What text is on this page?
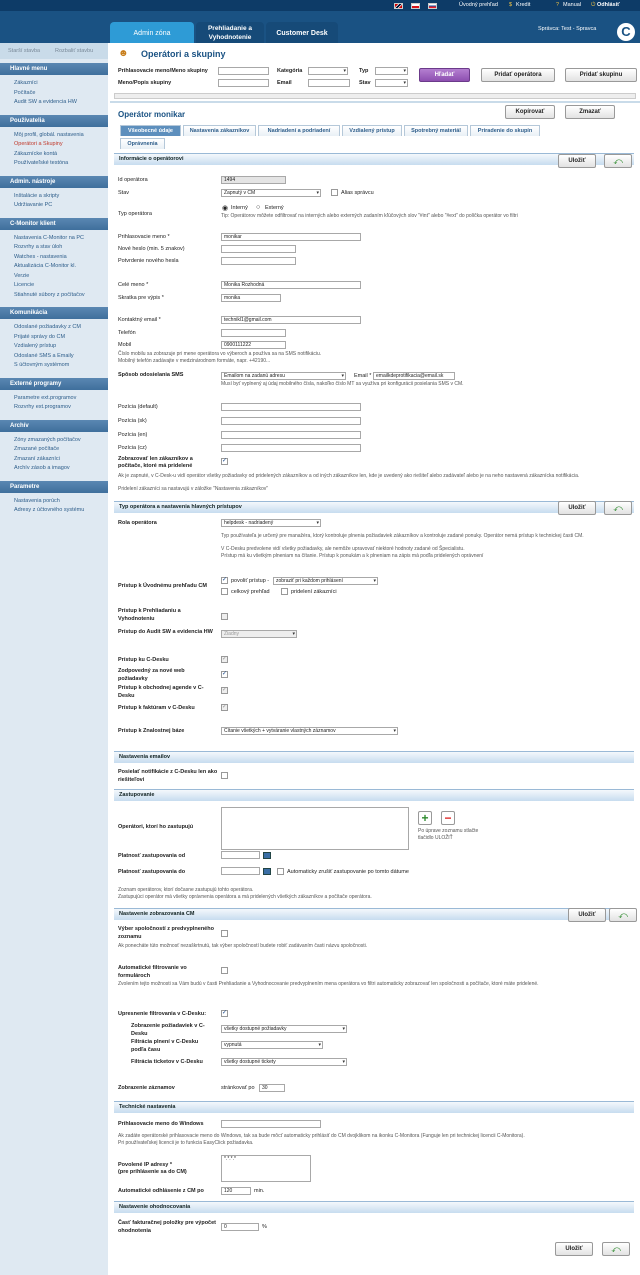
Úvodný prehľad $ Kredit	? Manual ⏻ Odhlásiť
Admin zóna
Prehliadanie a Vyhodnotenie
Customer Desk
Správca: Test - Spravca	C
Starší stavba	Rozbaliť stavbu
Hlavné menu
Zákazníci
Počítače
Audit SW a evidencia HW
Používatelia
Môj profil, globál. nastavenia
Operátori a Skupiny
Zákaznícke kontá
Používateľské testóna
Admin. nástroje
Inštalácie a skripty
Udržiavanie PC
C-Monitor klient
Nastavenia C-Monitor na PC
Rozvrhy a stav úloh
Watches - nastavenia
Aktualizácia C-Monitor kl.
Verzie
Licencie
Stiahnuté súbory z počítačov
Komunikácia
Odoslané požiadavky z CM
Prijaté správy do CM
Vzdialený prístup
Odoslané SMS a Emaily
S účtovným systémom
Externé programy
Parametre ext.programov
Rozvrhy ext.programov
Archív
Zóny zmazaných počítačov
Zmazané počítače
Zmazaní zákazníci
Archív zásob a imagov
Parametre
Nastavenia porúch
Adresy z účtovného systému
☻ Operátori a skupiny
Prihlasovacie meno/Meno skupiny	Kategória
▾	Typ
▾
Meno/Popis skupiny	Email	Stav
▾
Hľadať	Pridať operátora	Pridať skupinu
Operátor monikar	Kopírovať	Zmazať
Všeobecné údaje	Nastavenia zákazníkov	Nadriadení a podriadení	Vzdialený prístup	Spotrebný materiál	Priradenie do skupín
Oprávnenia
Informácie o operátorovi	Uložiť	⤺
Id operátora	1494
Stav	Zapnutý v CM ▾	Alias správcu
Typ operátora
◉ Interný ○ Externý
Tip: Operátorov môžete odfiltrovať na interných alebo externých zadaním kľúčových slov "#int" alebo "#ext" do políčka operátor vo filtri
Prihlasovacie meno *	monikar
Nové heslo (min. 5 znakov)
Potvrdenie nového hesla
Celé meno *	Monika Rozhodná
Skratka pre výpis *	monika
Kontaktný email *	technikl1@gmail.com
Telefón
Mobil	0900111222
Číslo mobilu sa zobrazuje pri mene operátora vo výberoch a používa sa na SMS notifikáciu.
Mobilný telefón zadávajte v medzinárodnom formáte, napr. +42190...
Spôsob odosielania SMS	Emailom na zadanú adresu ▾	Email * emailkdeprotifikacia@email.sk
Musí byť vyplnený aj údaj mobilného čísla, nakoľko číslo MT sa využíva pri konfigurácii posielania SMS v CM.
Pozícia (default)
Pozícia (sk)
Pozícia (en)
Pozícia (cz)
Zobrazovať len zákazníkov a počítače, ktoré má pridelené
✓
Ak je zapnuté, v C-Desk-u vidí operátor všetky požiadavky od pridelených zákazníkov a od iných zákazníkov len, kde je uvedený ako riešiteľ alebo zadávateľ alebo je na neho nastavená zákaznícka notifikácia.
Pridelení zákazníci sa nastavujú v záložke "Nastavenia zákazníkov"
Typ operátora a nastavenia hlavných prístupov	Uložiť	⤺
Rola operátora	helpdesk - nadriadený ▾
Typ používateľa je určený pre manažéra, ktorý kontroluje plnenia požiadaviek zákazníkov a kontroluje zadané ponuky. Operátor nemá prístup k technickej časti CM.
V C-Desku predvolene vidí všetky požiadavky, ale nemôže upravovať niektoré hodnoty zadané od Špecialistu.
Prístup má ku všetkým plneniam na čítanie. Prístup k ponukám a k plneniam na zápis má podľa pridelených oprávnení
Prístup k Úvodnému prehľadu CM
✓ povoliť prístup -	zobraziť pri každom prihlásení ▾
celkový prehľad	pridelení zákazníci
Prístup k Prehliadaniu a Vyhodnoteniu
Prístup do Audit SW a evidencia HW	Žiadny ▾
Prístup ku C-Desku	✓
Zodpovedný za nové web požiadavky
✓
Prístup k obchodnej agende v C-Desku
✓
Prístup k faktúram v C-Desku	✓
Prístup k Znalostnej báze	Čítanie všetkých + vytváranie vlastných záznamov ▾
Nastavenia emailov
Posielať notifikácie z C-Desku len ako riešiteľovi
Zastupovanie
Operátori, ktorí ho zastupujú
+ −
Po úprave zoznamu stlačte tlačidlo ULOŽIŤ
Platnosť zastupovania od
Platnosť zastupovania do	Automaticky zrušiť zastupovanie po tomto dátume
Zoznam operátorov, ktorí dočasne zastupujú tohto operátora.
Zastupujúci operátor má všetky oprávnenia operátora a má pridelených všetkých zákazníkov a počítače operátora.
Nastavenie zobrazovania CM	Uložiť	⤺
Výber spoločností z predvyplneného zoznamu
Ak ponecháte túto možnosť nezaškrtnutú, tak výber spoločností budete robiť zadávaním časti názvu spoločnosti.
Automatické filtrovanie vo formulároch
Zvolením tejto možnosti sa Vám budú v časti Prehliadanie a Vyhodnocovanie predvyplnením mena operátora vo filtri automaticky zobrazovať len spoločnosti a počítače, ktoré máte pridelené.
Upresnenie filtrovania v C-Desku:	✓
Zobrazenie požiadaviek v C-Desku
všetky dostupné požiadavky ▾
Filtrácia plnení v C-Desku podľa času
vypnutá ▾
Filtrácia ticketov v C-Desku	všetky dostupné tickety ▾
Zobrazenie záznamov	stránkovať po	30
Technické nastavenia
Prihlasovacie meno do Windows
Ak zadáte operátorské prihlasovacie meno do Windows, tak sa bude môcť automaticky prihlásiť do CM dvojklikom na ikonku C-Monitora (Funguje len pri technickej licencii C-Monitora).
Pri používateľskej licencii je to funkcia EasyClick požiadavka.
Povolené IP adresy *
(pre prihlásenie sa do CM)
*.*.*.*
Automatické odhlásenie z CM po	120	min.
Nastavenie ohodnocovania
Časť fakturačnej položky pre výpočet ohodnotenia
0	%
Uložiť	⤺
